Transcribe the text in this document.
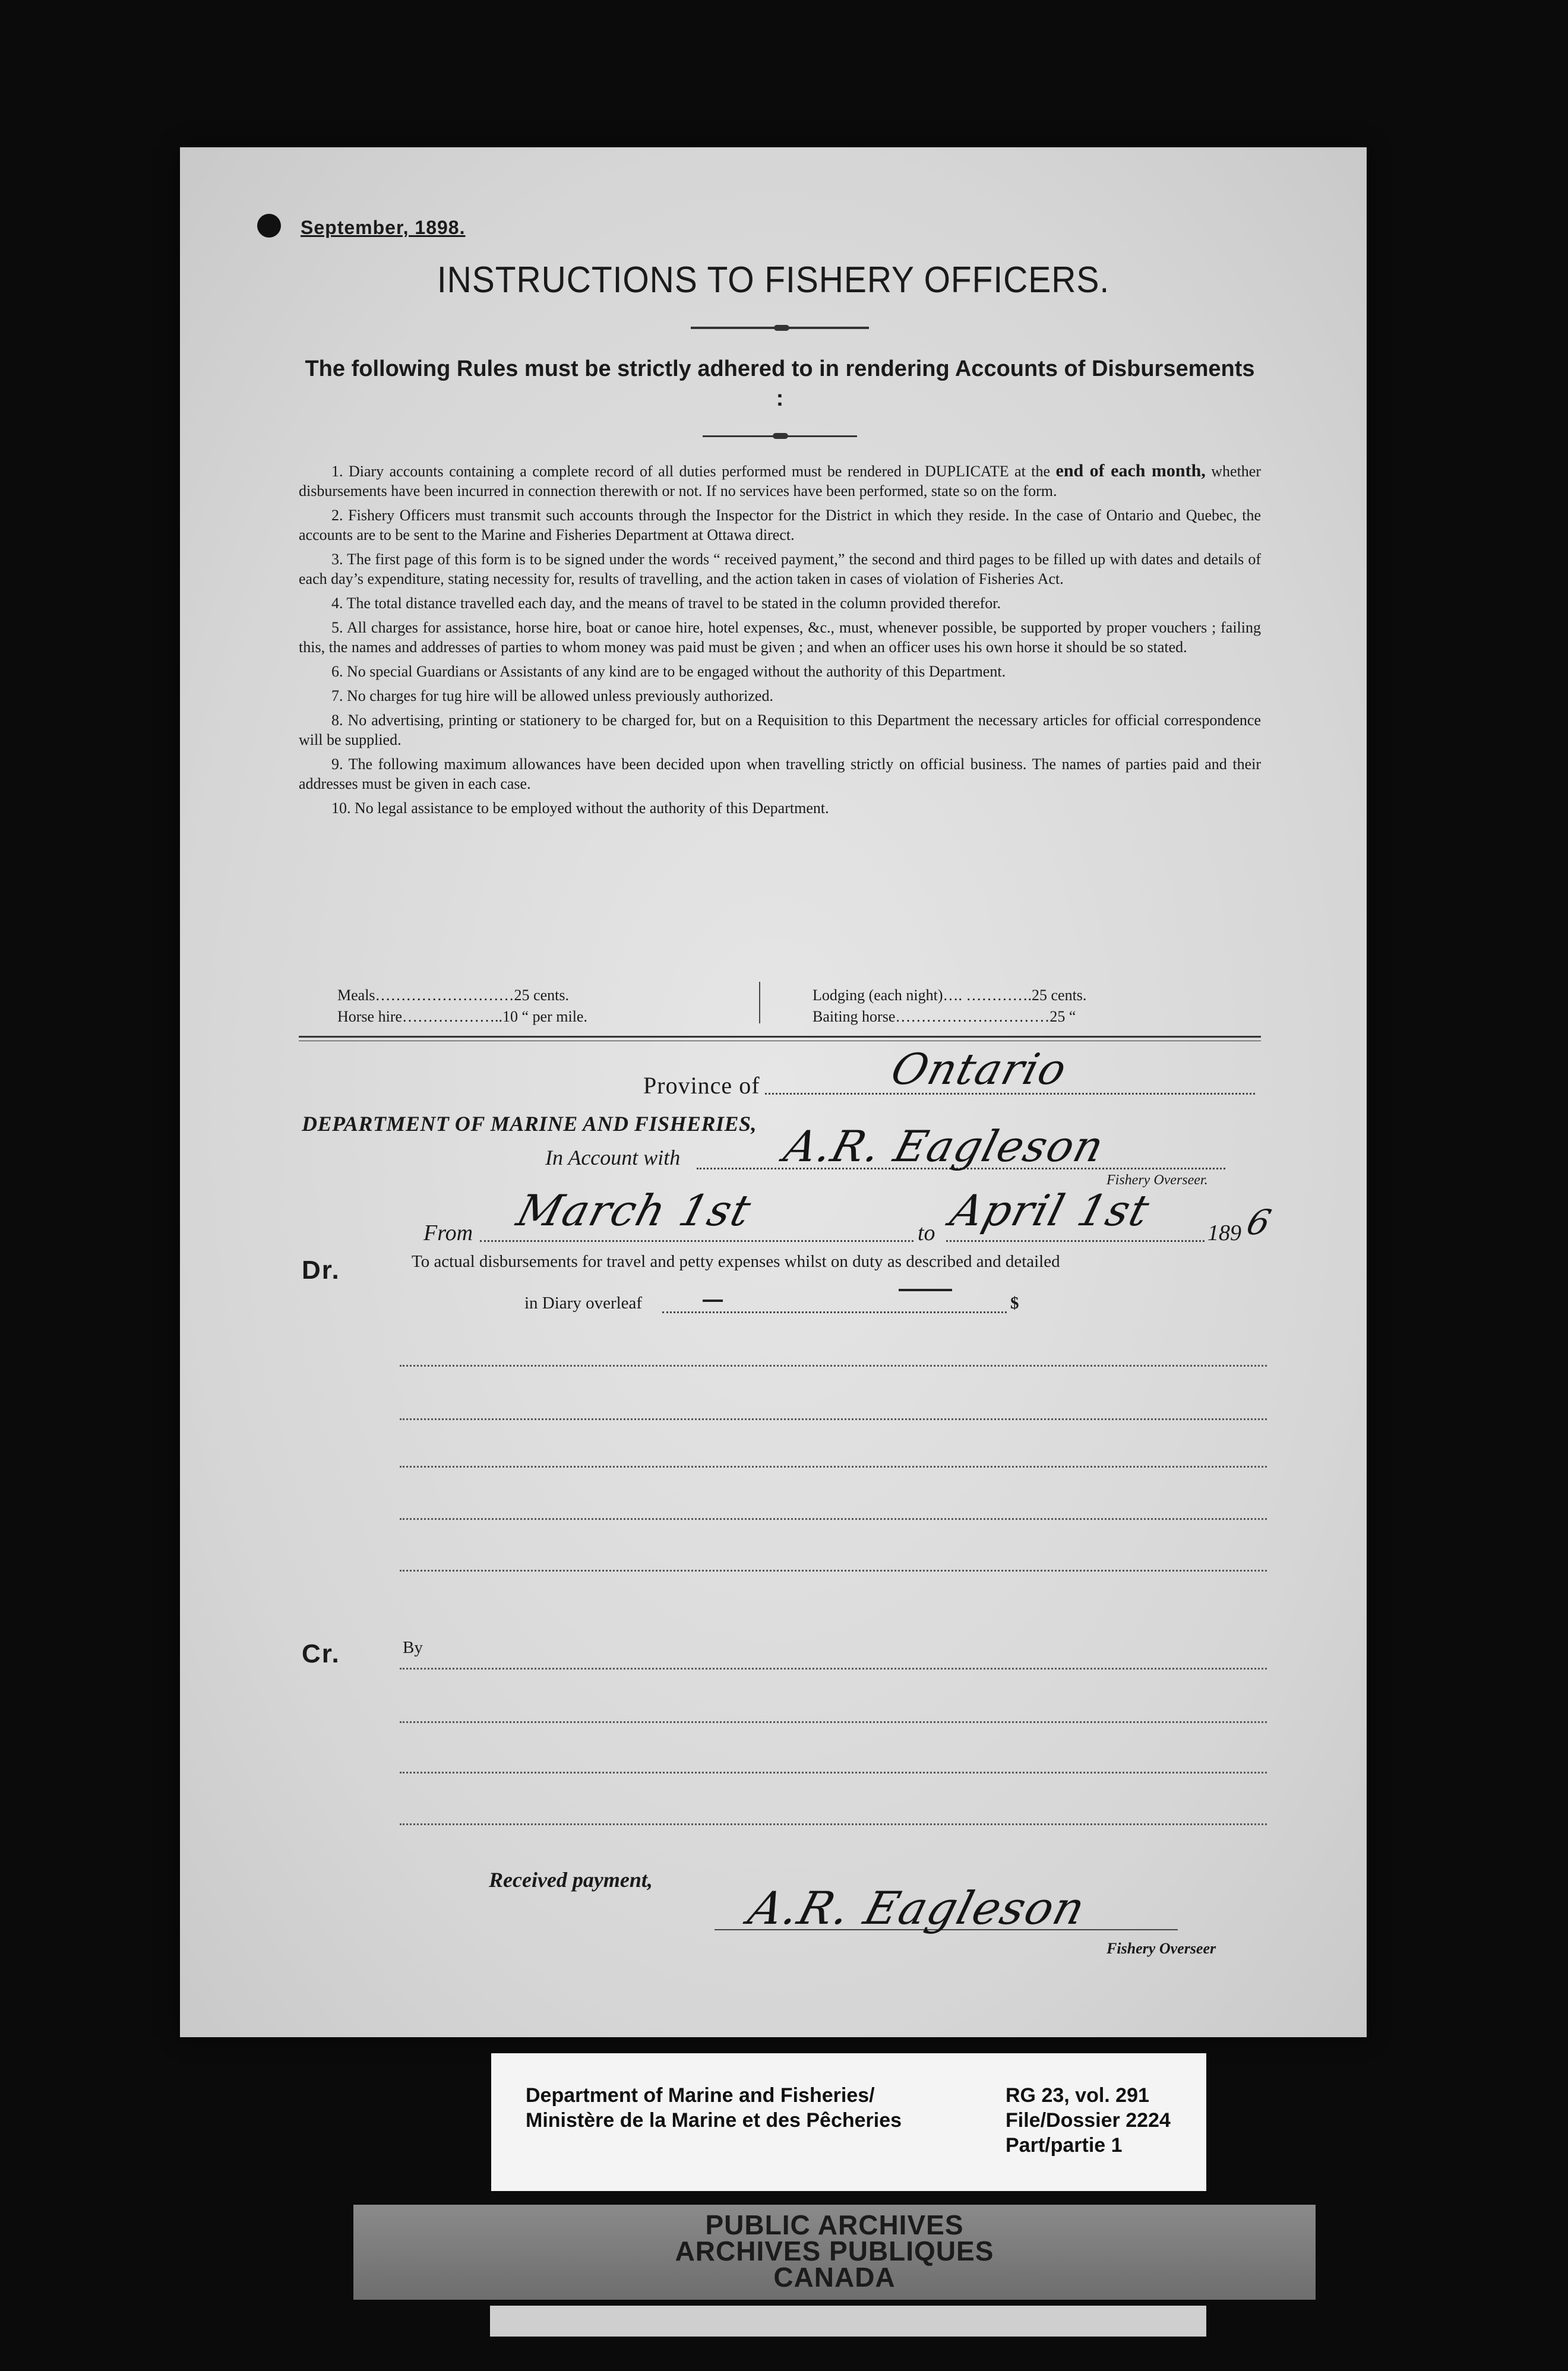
September, 1898.
INSTRUCTIONS TO FISHERY OFFICERS.
The following Rules must be strictly adhered to in rendering Accounts of Disbursements :

1. Diary accounts containing a complete record of all duties performed must be rendered in DUPLICATE at the end of each month, whether disbursements have been incurred in connection therewith or not. If no services have been performed, state so on the form.

2. Fishery Officers must transmit such accounts through the Inspector for the District in which they reside. In the case of Ontario and Quebec, the accounts are to be sent to the Marine and Fisheries Department at Ottawa direct.

3. The first page of this form is to be signed under the words “ received payment,” the second and third pages to be filled up with dates and details of each day’s expenditure, stating necessity for, results of travelling, and the action taken in cases of violation of Fisheries Act.

4. The total distance travelled each day, and the means of travel to be stated in the column provided therefor.

5. All charges for assistance, horse hire, boat or canoe hire, hotel expenses, &c., must, whenever possible, be supported by proper vouchers ; failing this, the names and addresses of parties to whom money was paid must be given ; and when an officer uses his own horse it should be so stated.

6. No special Guardians or Assistants of any kind are to be engaged without the authority of this Department.

7. No charges for tug hire will be allowed unless previously authorized.

8. No advertising, printing or stationery to be charged for, but on a Requisition to this Department the necessary articles for official correspondence will be supplied.

9. The following maximum allowances have been decided upon when travelling strictly on official business. The names of parties paid and their addresses must be given in each case.

10. No legal assistance to be employed without the authority of this Department.

Meals………………………25 cents.	Lodging (each night)…. ………….25 cents.
Horse hire………………..10 “ per mile.	Baiting horse…………………………25 “
Province of	Ontario
DEPARTMENT OF MARINE AND FISHERIES,
In Account with A.R. Eagleson
Fishery Overseer.
From March 1st	to April 1st 189 6
Dr.	To actual disbursements for travel and petty expenses whilst on duty as described and detailed
in Diary overleaf	$
Cr.	By
Received payment,
A.R. Eagleson
Fishery Overseer
Department of Marine and Fisheries/
Ministère de la Marine et des Pêcheries
RG 23, vol. 291
File/Dossier 2224
Part/partie 1
PUBLIC ARCHIVES
ARCHIVES PUBLIQUES
CANADA
